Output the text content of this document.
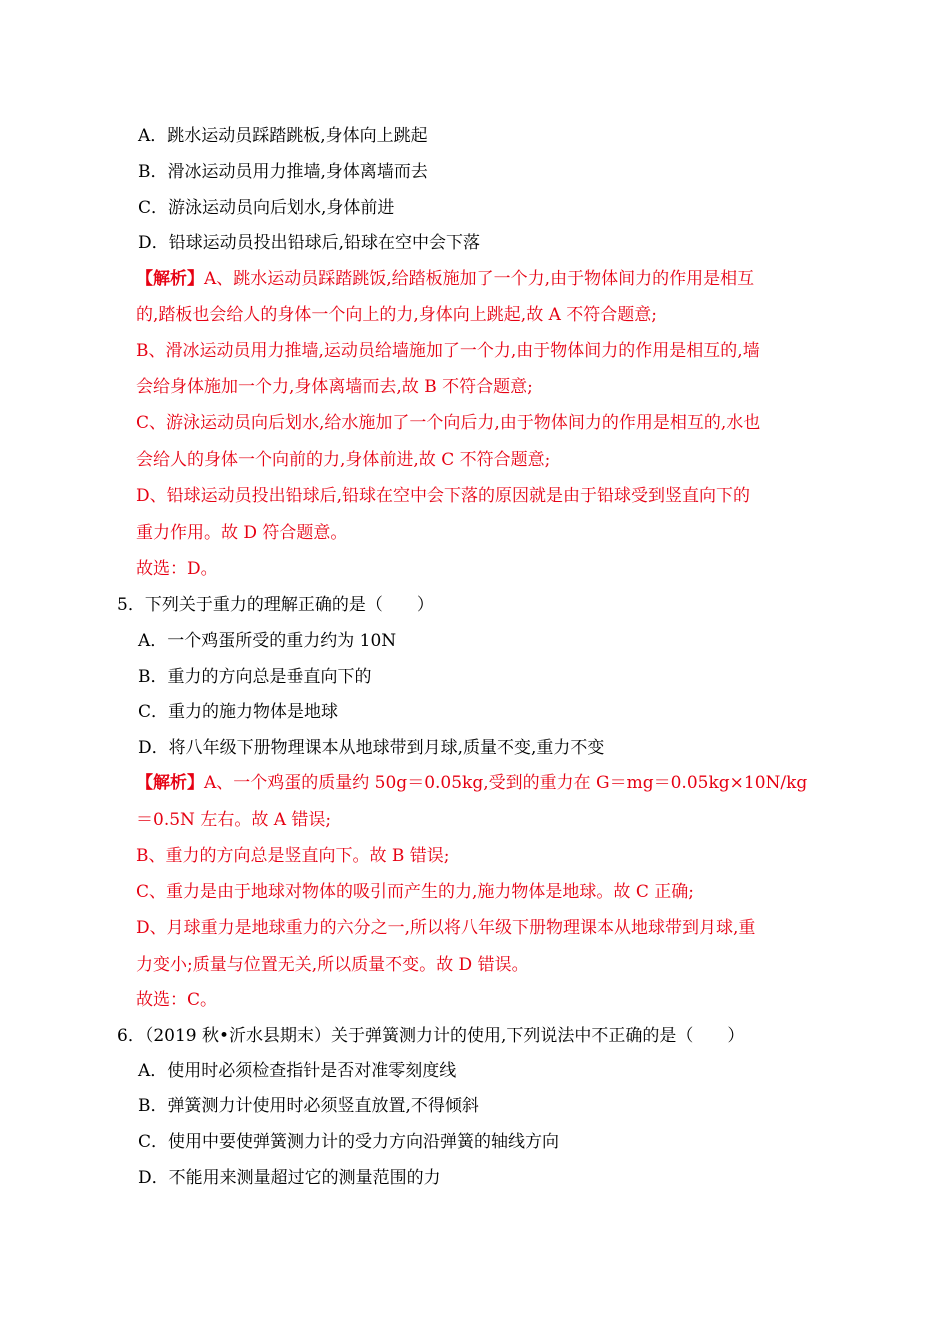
A．跳水运动员踩踏跳板,身体向上跳起
B．滑冰运动员用力推墙,身体离墙而去
C．游泳运动员向后划水,身体前进
D．铅球运动员投出铅球后,铅球在空中会下落
【解析】A、跳水运动员踩踏跳饭,给踏板施加了一个力,由于物体间力的作用是相互
的,踏板也会给人的身体一个向上的力,身体向上跳起,故 A 不符合题意;
B、滑冰运动员用力推墙,运动员给墙施加了一个力,由于物体间力的作用是相互的,墙
会给身体施加一个力,身体离墙而去,故 B 不符合题意;
C、游泳运动员向后划水,给水施加了一个向后力,由于物体间力的作用是相互的,水也
会给人的身体一个向前的力,身体前进,故 C 不符合题意;
D、铅球运动员投出铅球后,铅球在空中会下落的原因就是由于铅球受到竖直向下的
重力作用。故 D 符合题意。
故选：D。
5．下列关于重力的理解正确的是（　　）
A．一个鸡蛋所受的重力约为 10N
B．重力的方向总是垂直向下的
C．重力的施力物体是地球
D．将八年级下册物理课本从地球带到月球,质量不变,重力不变
【解析】A、一个鸡蛋的质量约 50g＝0.05kg,受到的重力在 G＝mg＝0.05kg×10N/kg
＝0.5N 左右。故 A 错误;
B、重力的方向总是竖直向下。故 B 错误;
C、重力是由于地球对物体的吸引而产生的力,施力物体是地球。故 C 正确;
D、月球重力是地球重力的六分之一,所以将八年级下册物理课本从地球带到月球,重
力变小;质量与位置无关,所以质量不变。故 D 错误。
故选：C。
6．（2019 秋•沂水县期末）关于弹簧测力计的使用,下列说法中不正确的是（　　）
A．使用时必须检查指针是否对准零刻度线
B．弹簧测力计使用时必须竖直放置,不得倾斜
C．使用中要使弹簧测力计的受力方向沿弹簧的轴线方向
D．不能用来测量超过它的测量范围的力
